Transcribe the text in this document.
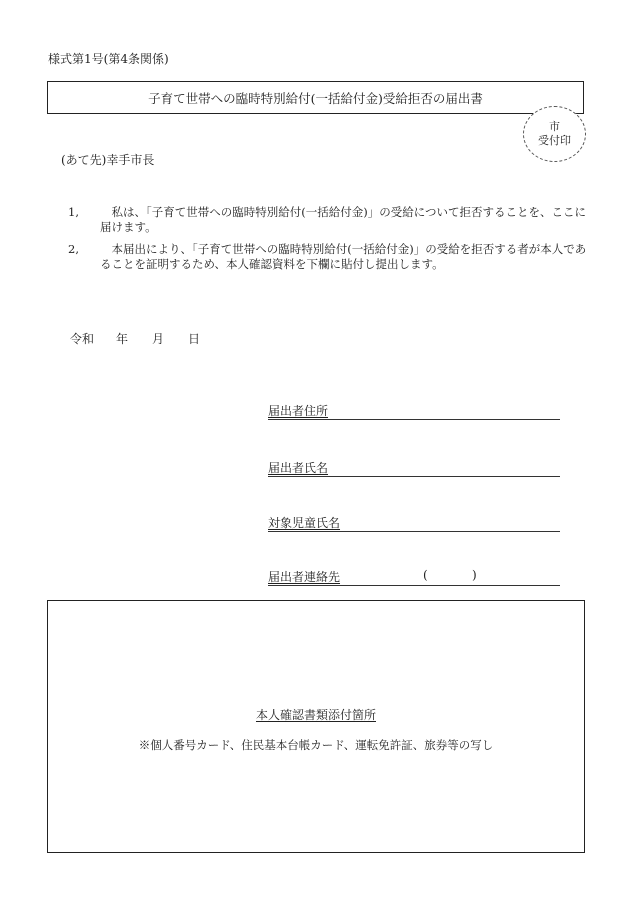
様式第1号(第4条関係)
子育て世帯への臨時特別給付(一括給付金)受給拒否の届出書
市
受付印
(あて先)幸手市長
1,	私は、「子育て世帯への臨時特別給付(一括給付金)」の受給について拒否することを、ここに届けます。
2,	本届出により、「子育て世帯への臨時特別給付(一括給付金)」の受給を拒否する者が本人であることを証明するため、本人確認資料を下欄に貼付し提出します。
令和	年	月	日
届出者住所
届出者氏名
対象児童氏名
届出者連絡先	(	)
本人確認書類添付箇所
※個人番号カード、住民基本台帳カード、運転免許証、旅券等の写し
